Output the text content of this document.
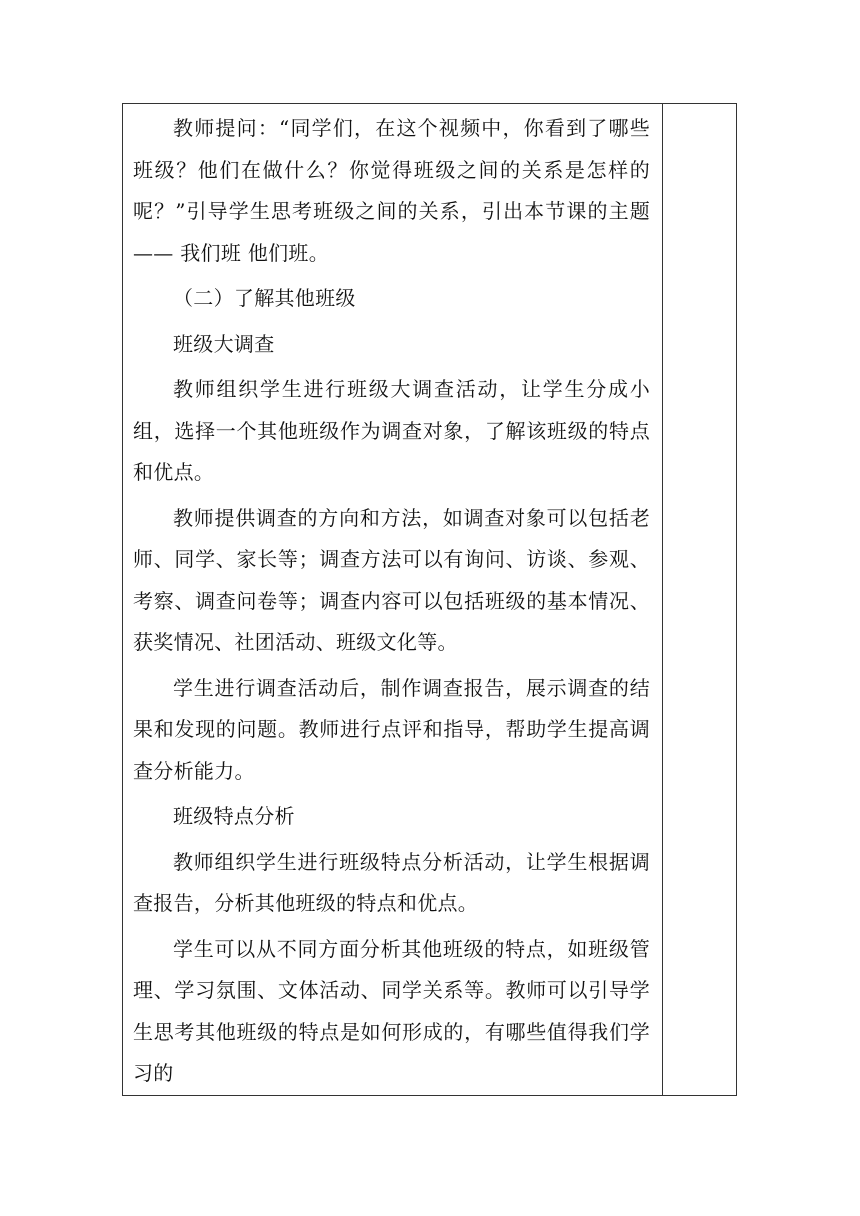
教师提问：“同学们，在这个视频中，你看到了哪些班级？他们在做什么？你觉得班级之间的关系是怎样的呢？”引导学生思考班级之间的关系，引出本节课的主题 —— 我们班 他们班。

（二）了解其他班级

班级大调查

教师组织学生进行班级大调查活动，让学生分成小组，选择一个其他班级作为调查对象，了解该班级的特点和优点。

教师提供调查的方向和方法，如调查对象可以包括老师、同学、家长等；调查方法可以有询问、访谈、参观、考察、调查问卷等；调查内容可以包括班级的基本情况、获奖情况、社团活动、班级文化等。

学生进行调查活动后，制作调查报告，展示调查的结果和发现的问题。教师进行点评和指导，帮助学生提高调查分析能力。

班级特点分析

教师组织学生进行班级特点分析活动，让学生根据调查报告，分析其他班级的特点和优点。

学生可以从不同方面分析其他班级的特点，如班级管理、学习氛围、文体活动、同学关系等。教师可以引导学生思考其他班级的特点是如何形成的，有哪些值得我们学习的
